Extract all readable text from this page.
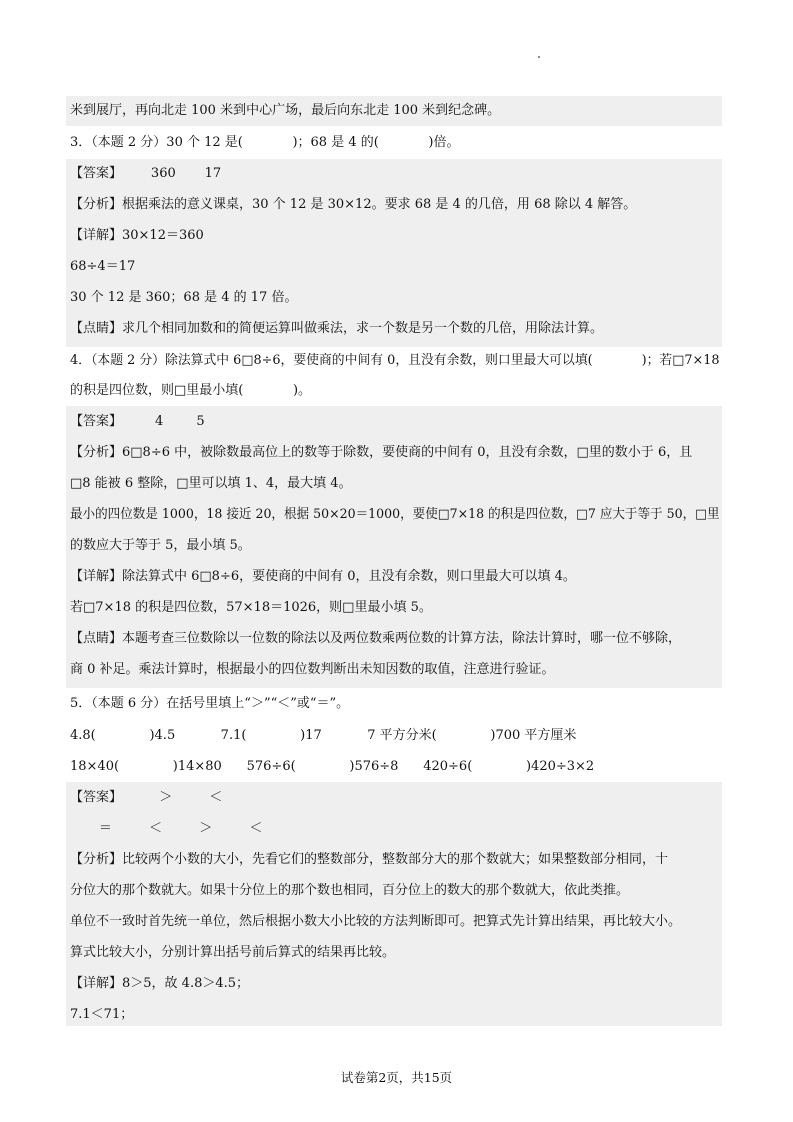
米到展厅，再向北走 100 米到中心广场，最后向东北走 100 米到纪念碑。
3．（本题 2 分）30 个 12 是(            )；68 是 4 的(            )倍。
【答案】       360       17
【分析】根据乘法的意义课桌，30 个 12 是 30×12。要求 68 是 4 的几倍，用 68 除以 4 解答。
【详解】30×12＝360
68÷4＝17
30 个 12 是 360；68 是 4 的 17 倍。
【点睛】求几个相同加数和的简便运算叫做乘法，求一个数是另一个数的几倍，用除法计算。
4．（本题 2 分）除法算式中 6□8÷6，要使商的中间有 0，且没有余数，则口里最大可以填(            )；若□7×18
的积是四位数，则□里最小填(            )。
【答案】        4        5
【分析】6□8÷6 中，被除数最高位上的数等于除数，要使商的中间有 0，且没有余数，□里的数小于 6，且
□8 能被 6 整除，□里可以填 1、4，最大填 4。
最小的四位数是 1000，18 接近 20，根据 50×20＝1000，要使□7×18 的积是四位数，□7 应大于等于 50，□里
的数应大于等于 5，最小填 5。
【详解】除法算式中 6□8÷6，要使商的中间有 0，且没有余数，则口里最大可以填 4。
若□7×18 的积是四位数，57×18＝1026，则□里最小填 5。
【点睛】本题考查三位数除以一位数的除法以及两位数乘两位数的计算方法，除法计算时，哪一位不够除，
商 0 补足。乘法计算时，根据最小的四位数判断出未知因数的取值，注意进行验证。
5．（本题 6 分）在括号里填上“＞”“＜”或“＝”。
4.8(             )4.5           7.1(             )17           7 平方分米(             )700 平方厘米
18×40(             )14×80      576÷6(             )576÷8      420÷6(             )420÷3×2
【答案】         ＞         ＜
＝         ＜         ＞         ＜
【分析】比较两个小数的大小，先看它们的整数部分，整数部分大的那个数就大；如果整数部分相同，十
分位大的那个数就大。如果十分位上的那个数也相同，百分位上的数大的那个数就大，依此类推。
单位不一致时首先统一单位，然后根据小数大小比较的方法判断即可。把算式先计算出结果，再比较大小。
算式比较大小，分别计算出括号前后算式的结果再比较。
【详解】8＞5，故 4.8＞4.5；
7.1＜71；
试卷第2页，共15页
